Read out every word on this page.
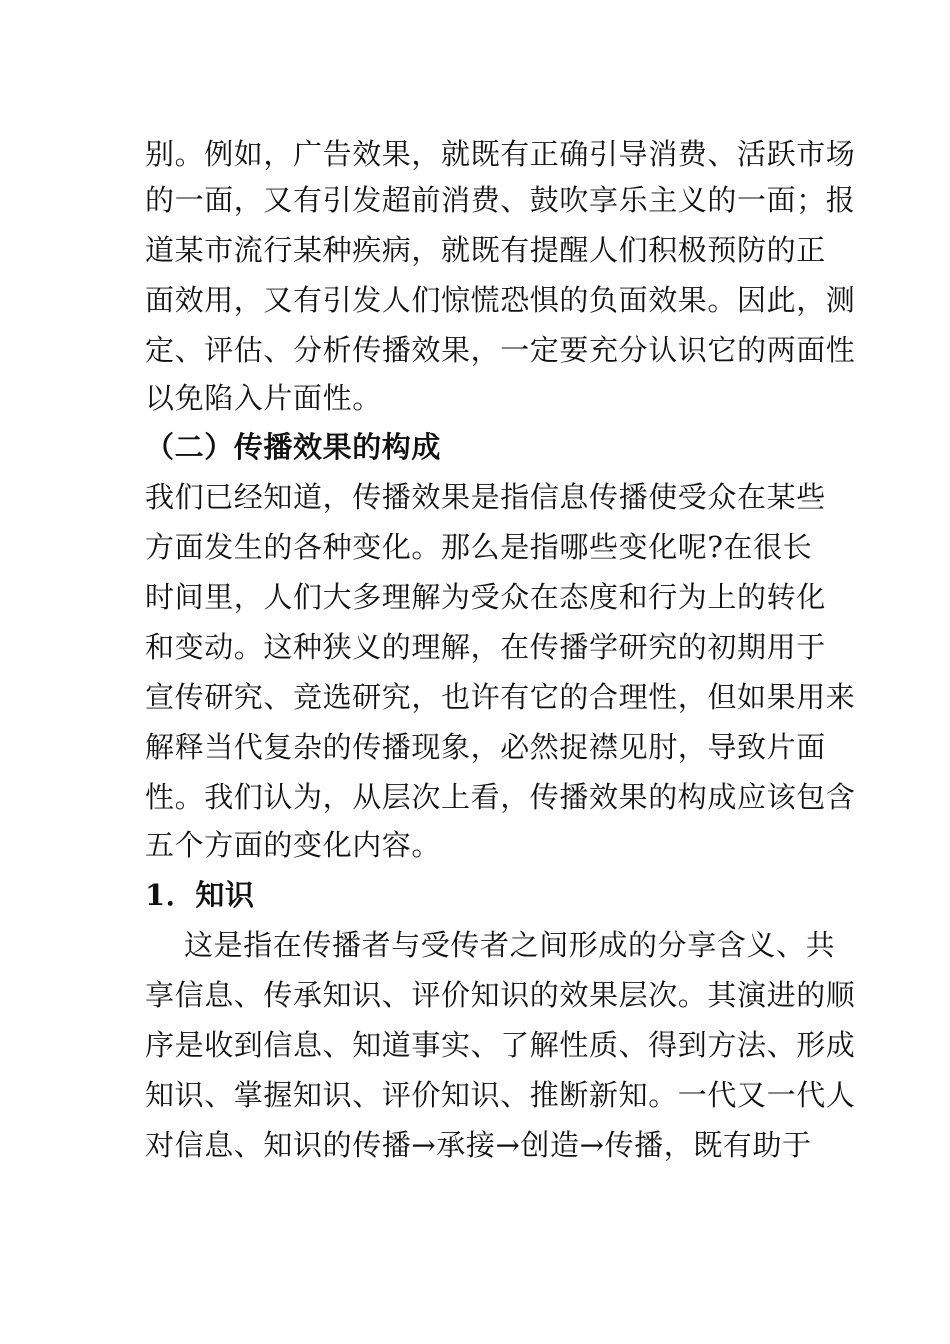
别。例如，广告效果，就既有正确引导消费、活跃市场
的一面，又有引发超前消费、鼓吹享乐主义的一面；报
道某市流行某种疾病，就既有提醒人们积极预防的正
面效用，又有引发人们惊慌恐惧的负面效果。因此，测
定、评估、分析传播效果，一定要充分认识它的两面性
以免陷入片面性。
（二）传播效果的构成
我们已经知道，传播效果是指信息传播使受众在某些
方面发生的各种变化。那么是指哪些变化呢?在很长
时间里，人们大多理解为受众在态度和行为上的转化
和变动。这种狭义的理解，在传播学研究的初期用于
宣传研究、竞选研究，也许有它的合理性，但如果用来
解释当代复杂的传播现象，必然捉襟见肘，导致片面
性。我们认为，从层次上看，传播效果的构成应该包含
五个方面的变化内容。
1．知识
这是指在传播者与受传者之间形成的分享含义、共
享信息、传承知识、评价知识的效果层次。其演进的顺
序是收到信息、知道事实、了解性质、得到方法、形成
知识、掌握知识、评价知识、推断新知。一代又一代人
对信息、知识的传播→承接→创造→传播，既有助于
